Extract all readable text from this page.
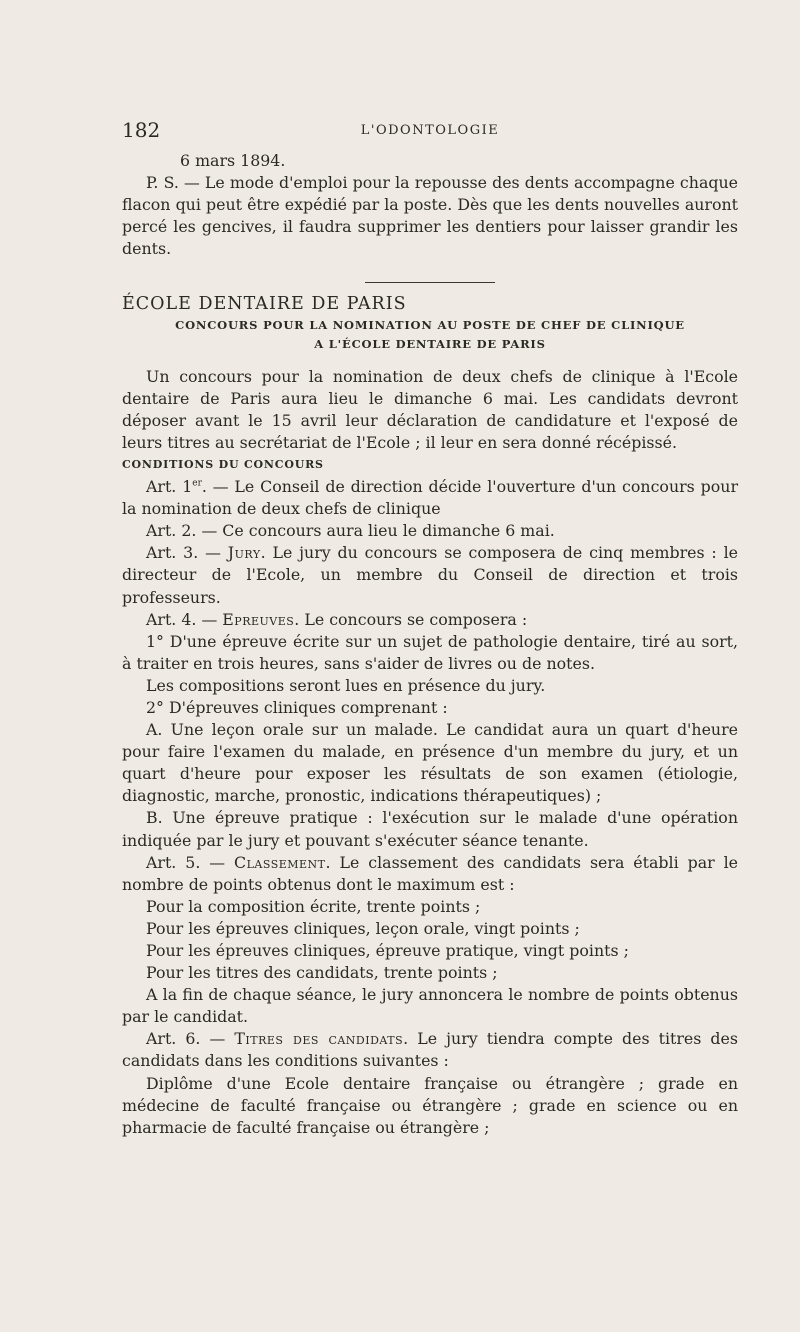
182	L'ODONTOLOGIE

6 mars 1894.

P. S. — Le mode d'emploi pour la repousse des dents accompagne chaque flacon qui peut être expédié par la poste. Dès que les dents nouvelles auront percé les gencives, il faudra supprimer les dentiers pour laisser grandir les dents.

ÉCOLE DENTAIRE DE PARIS

CONCOURS POUR LA NOMINATION AU POSTE DE CHEF DE CLINIQUE
A L'ÉCOLE DENTAIRE DE PARIS

Un concours pour la nomination de deux chefs de clinique à l'Ecole dentaire de Paris aura lieu le dimanche 6 mai. Les candidats devront déposer avant le 15 avril leur déclaration de candidature et l'exposé de leurs titres au secrétariat de l'Ecole ; il leur en sera donné récépissé.

CONDITIONS DU CONCOURS

Art. 1er. — Le Conseil de direction décide l'ouverture d'un concours pour la nomination de deux chefs de clinique

Art. 2. — Ce concours aura lieu le dimanche 6 mai.

Art. 3. — Jury. Le jury du concours se composera de cinq membres : le directeur de l'Ecole, un membre du Conseil de direction et trois professeurs.

Art. 4. — Epreuves. Le concours se composera :

1° D'une épreuve écrite sur un sujet de pathologie dentaire, tiré au sort, à traiter en trois heures, sans s'aider de livres ou de notes.

Les compositions seront lues en présence du jury.

2° D'épreuves cliniques comprenant :

A. Une leçon orale sur un malade. Le candidat aura un quart d'heure pour faire l'examen du malade, en présence d'un membre du jury, et un quart d'heure pour exposer les résultats de son examen (étiologie, diagnostic, marche, pronostic, indications thérapeutiques) ;

B. Une épreuve pratique : l'exécution sur le malade d'une opération indiquée par le jury et pouvant s'exécuter séance tenante.

Art. 5. — Classement. Le classement des candidats sera établi par le nombre de points obtenus dont le maximum est :

Pour la composition écrite, trente points ;

Pour les épreuves cliniques, leçon orale, vingt points ;

Pour les épreuves cliniques, épreuve pratique, vingt points ;

Pour les titres des candidats, trente points ;

A la fin de chaque séance, le jury annoncera le nombre de points obtenus par le candidat.

Art. 6. — Titres des candidats. Le jury tiendra compte des titres des candidats dans les conditions suivantes :

Diplôme d'une Ecole dentaire française ou étrangère ; grade en médecine de faculté française ou étrangère ; grade en science ou en pharmacie de faculté française ou étrangère ;
